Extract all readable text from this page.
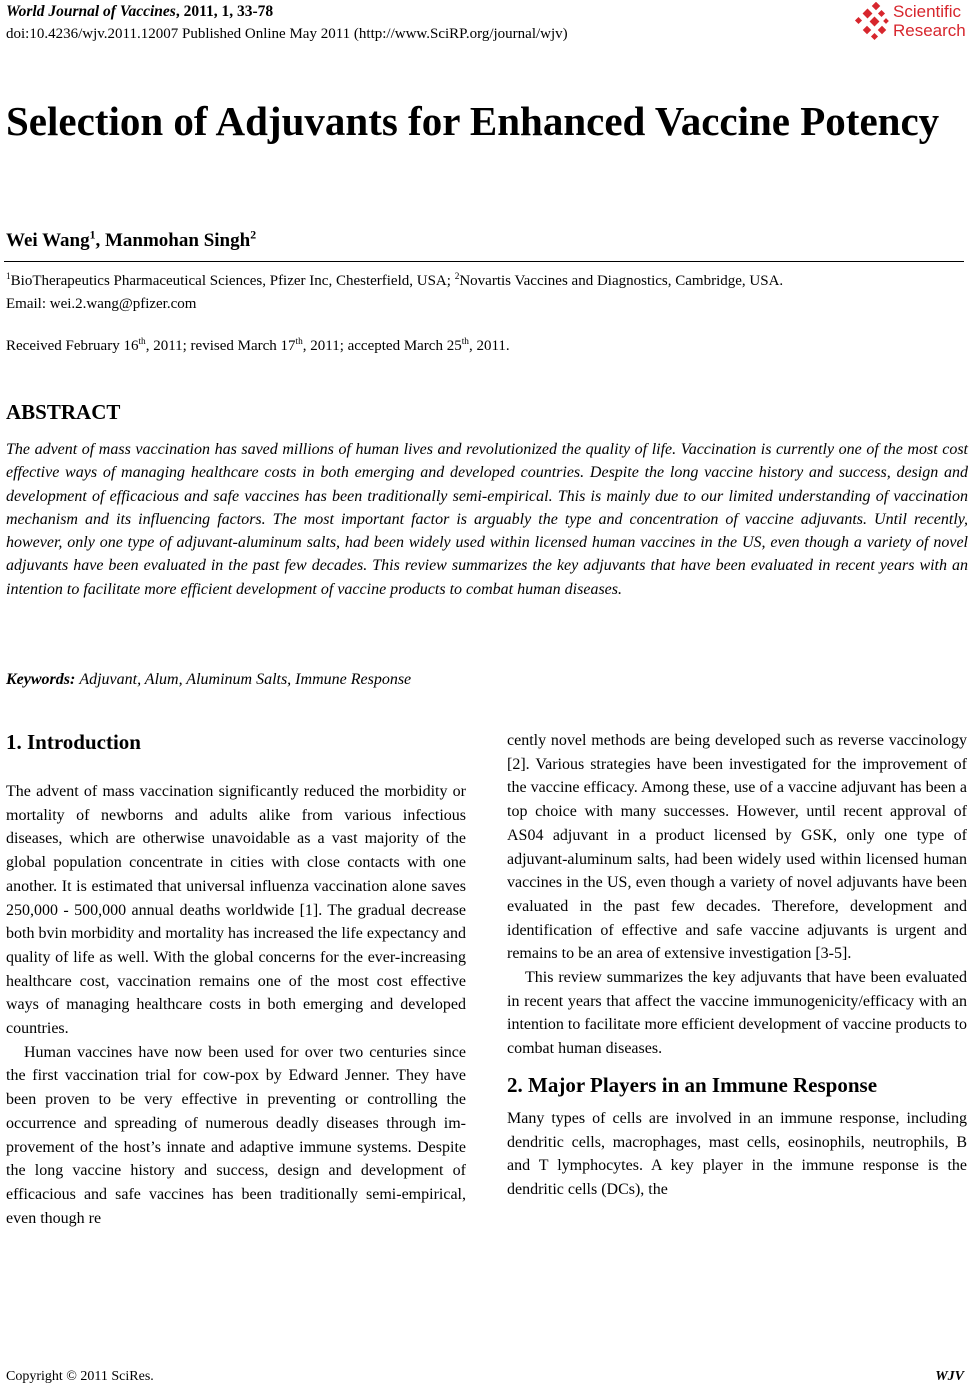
World Journal of Vaccines, 2011, 1, 33-78
doi:10.4236/wjv.2011.12007 Published Online May 2011 (http://www.SciRP.org/journal/wjv)
Scientific
Research
Selection of Adjuvants for Enhanced Vaccine Potency
Wei Wang$^1$, Manmohan Singh$^2$
$^1$BioTherapeutics Pharmaceutical Sciences, Pfizer Inc, Chesterfield, USA; $^2$Novartis Vaccines and Diagnostics, Cambridge, USA.
Email: wei.2.wang@pfizer.com
Received February 16th, 2011; revised March 17th, 2011; accepted March 25th, 2011.
ABSTRACT

The advent of mass vaccination has saved millions of human lives and revolutionized the quality of life. Vaccination is currently one of the most cost effective ways of managing healthcare costs in both emerging and developed countries. Despite the long vaccine history and success, design and development of efficacious and safe vaccines has been traditionally semi-empirical. This is mainly due to our limited understanding of vaccination mechanism and its influencing factors. The most important factor is arguably the type and concentration of vaccine adjuvants. Until recently, however, only one type of adjuvant-aluminum salts, had been widely used within licensed human vaccines in the US, even though a variety of novel adjuvants have been evaluated in the past few decades. This review summarizes the key adjuvants that have been evaluated in recent years with an intention to facilitate more efficient development of vaccine products to combat human diseases.

Keywords: Adjuvant, Alum, Aluminum Salts, Immune Response
1. Introduction

The advent of mass vaccination significantly reduced the morbidity or mortality of newborns and adults alike from various infectious diseases, which are otherwise unavoidable as a vast majority of the global population concentrate in cities with close contacts with one another. It is estimated that universal influenza vaccination alone saves 250,000 - 500,000 annual deaths worldwide [1]. The gradual decrease both bvin morbidity and mortality has increased the life expectancy and quality of life as well. With the global concerns for the ever-increasing healthcare cost, vaccination remains one of the most cost effective ways of managing healthcare costs in both emerging and developed countries.

Human vaccines have now been used for over two centuries since the first vaccination trial for cow-pox by Edward Jenner. They have been proven to be very effective in preventing or controlling the occurrence and spreading of numerous deadly diseases through improvement of the host’s innate and adaptive immune systems. Despite the long vaccine history and success, design and development of efficacious and safe vaccines has been traditionally semi-empirical, even though re

cently novel methods are being developed such as reverse vaccinology [2]. Various strategies have been investigated for the improvement of the vaccine efficacy. Among these, use of a vaccine adjuvant has been a top choice with many successes. However, until recent approval of AS04 adjuvant in a product licensed by GSK, only one type of adjuvant-aluminum salts, had been widely used within licensed human vaccines in the US, even though a variety of novel adjuvants have been evaluated in the past few decades. Therefore, development and identification of effective and safe vaccine adjuvants is urgent and remains to be an area of extensive investigation [3-5].

This review summarizes the key adjuvants that have been evaluated in recent years that affect the vaccine immunogenicity/efficacy with an intention to facilitate more efficient development of vaccine products to combat human diseases.

2. Major Players in an Immune Response

Many types of cells are involved in an immune response, including dendritic cells, macrophages, mast cells, eosinophils, neutrophils, B and T lymphocytes. A key player in the immune response is the dendritic cells (DCs), the

Copyright © 2011 SciRes.	WJV
